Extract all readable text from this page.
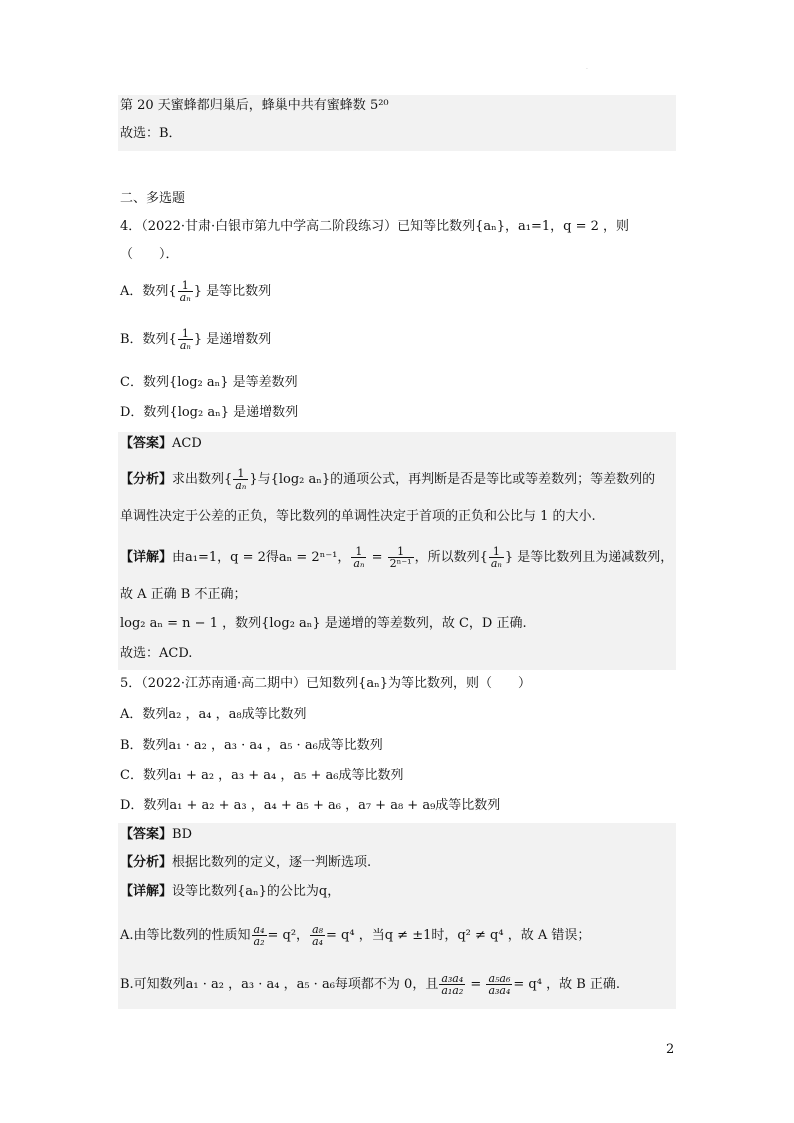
·
第 20 天蜜蜂都归巢后，蜂巢中共有蜜蜂数 5²⁰
故选：B．
二、多选题
4．（2022·甘肃·白银市第九中学高二阶段练习）已知等比数列{aₙ}，a₁=1，q = 2 ，则
（　　）．
A．数列{ $\frac{1}{\text{aₙ}}$ } 是等比数列
B．数列{ $\frac{1}{\text{aₙ}}$ } 是递增数列
C．数列{log₂ aₙ} 是等差数列
D．数列{log₂ aₙ} 是递增数列
【答案】ACD
【分析】求出数列{ $\frac{1}{\text{aₙ}}$ }与{log₂ aₙ}的通项公式，再判断是否是等比或等差数列；等差数列的
单调性决定于公差的正负，等比数列的单调性决定于首项的正负和公比与 1 的大小.
【详解】由a₁=1，q = 2得aₙ = 2ⁿ⁻¹， $\frac{1}{\text{aₙ}} = \frac{1}{\text{2ⁿ⁻¹}}$ ，所以数列{ $\frac{1}{\text{aₙ}}$ } 是等比数列且为递减数列，
故 A 正确 B 不正确；
log₂ aₙ = n − 1 ，数列{log₂ aₙ} 是递增的等差数列，故 C，D 正确.
故选：ACD.
5．（2022·江苏南通·高二期中）已知数列{aₙ}为等比数列，则（　　）
A．数列a₂ ，a₄ ，a₈成等比数列
B．数列a₁ · a₂ ，a₃ · a₄ ，a₅ · a₆成等比数列
C．数列a₁ + a₂ ，a₃ + a₄ ，a₅ + a₆成等比数列
D．数列a₁ + a₂ + a₃ ，a₄ + a₅ + a₆ ，a₇ + a₈ + a₉成等比数列
【答案】BD
【分析】根据比数列的定义，逐一判断选项.
【详解】设等比数列{aₙ}的公比为q，
A.由等比数列的性质知 $\frac{\text{a₄}}{\text{a₂}} = q^2$， $\frac{\text{a₈}}{\text{a₄}} = q^4$ ，当q ≠ ±1时，q² ≠ q⁴ ，故 A 错误；
B.可知数列a₁ · a₂ ，a₃ · a₄ ，a₅ · a₆每项都不为 0，且 $\frac{\text{a₃a₄}}{\text{a₁a₂}} = \frac{\text{a₅a₆}}{\text{a₃a₄}} = q^4$ ，故 B 正确.
2
